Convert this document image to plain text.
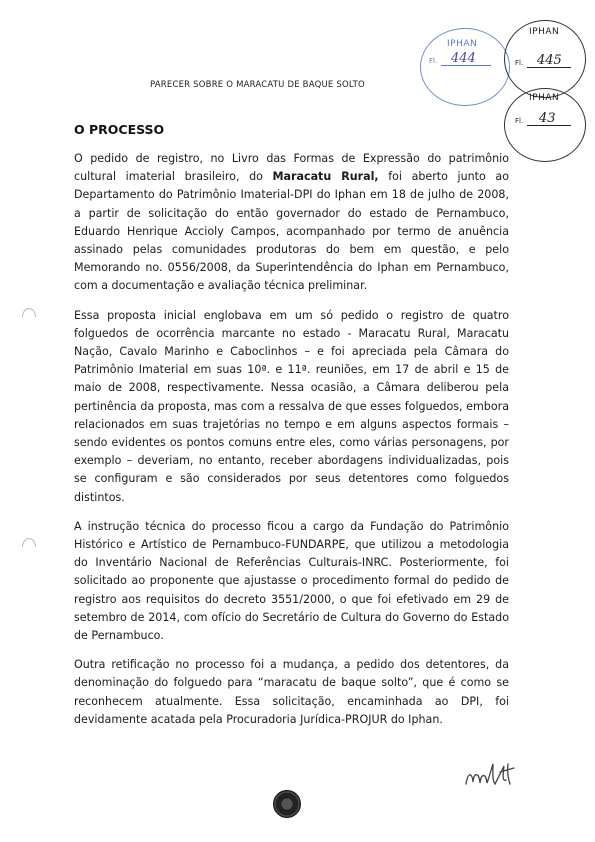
IPHAN
Fl. 444
IPHAN
Fl. 445
IPHAN
Fl. 43
PARECER SOBRE O MARACATU DE BAQUE SOLTO
O PROCESSO

O pedido de registro, no Livro das Formas de Expressão do patrimônio cultural imaterial brasileiro, do Maracatu Rural, foi aberto junto ao Departamento do Patrimônio Imaterial-DPI do Iphan em 18 de julho de 2008, a partir de solicitação do então governador do estado de Pernambuco, Eduardo Henrique Accioly Campos, acompanhado por termo de anuência assinado pelas comunidades produtoras do bem em questão, e pelo Memorando no. 0556/2008, da Superintendência do Iphan em Pernambuco, com a documentação e avaliação técnica preliminar.

Essa proposta inicial englobava em um só pedido o registro de quatro folguedos de ocorrência marcante no estado - Maracatu Rural, Maracatu Nação, Cavalo Marinho e Caboclinhos – e foi apreciada pela Câmara do Patrimônio Imaterial em suas 10ª. e 11ª. reuniões, em 17 de abril e 15 de maio de 2008, respectivamente. Nessa ocasião, a Câmara deliberou pela pertinência da proposta, mas com a ressalva de que esses folguedos, embora relacionados em suas trajetórias no tempo e em alguns aspectos formais – sendo evidentes os pontos comuns entre eles, como várias personagens, por exemplo – deveriam, no entanto, receber abordagens individualizadas, pois se configuram e são considerados por seus detentores como folguedos distintos.

A instrução técnica do processo ficou a cargo da Fundação do Patrimônio Histórico e Artístico de Pernambuco-FUNDARPE, que utilizou a metodologia do Inventário Nacional de Referências Culturais-INRC. Posteriormente, foi solicitado ao proponente que ajustasse o procedimento formal do pedido de registro aos requisitos do decreto 3551/2000, o que foi efetivado em 29 de setembro de 2014, com ofício do Secretário de Cultura do Governo do Estado de Pernambuco.

Outra retificação no processo foi a mudança, a pedido dos detentores, da denominação do folguedo para “maracatu de baque solto”, que é como se reconhecem atualmente. Essa solicitação, encaminhada ao DPI, foi devidamente acatada pela Procuradoria Jurídica-PROJUR do Iphan.
